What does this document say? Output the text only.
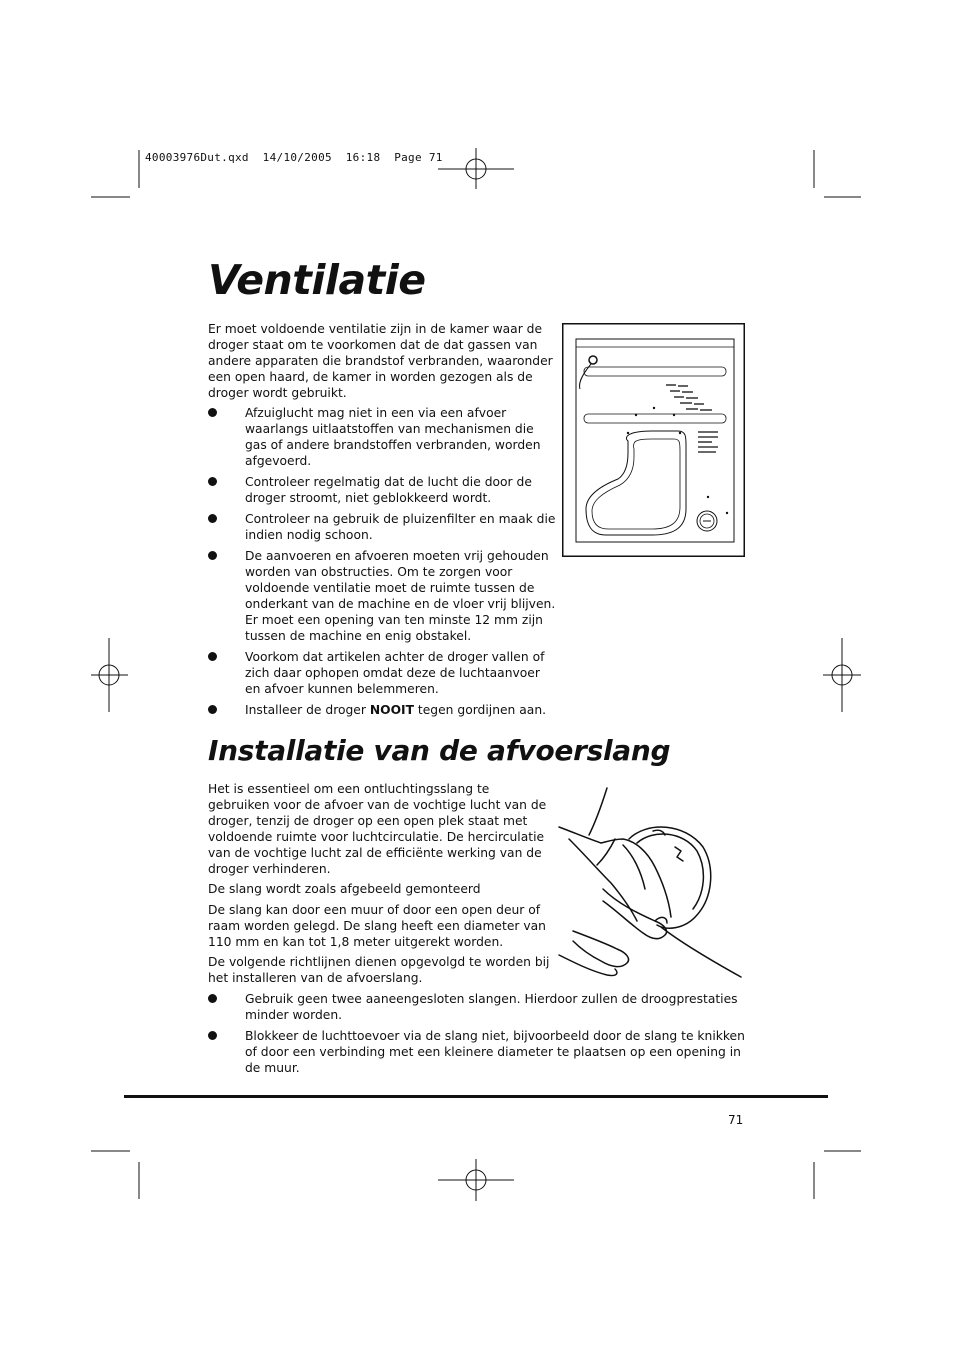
40003976Dut.qxd  14/10/2005  16:18  Page 71
Ventilatie

Er moet voldoende ventilatie zijn in de kamer waar de droger staat om te voorkomen dat de dat gassen van andere apparaten die brandstof verbranden, waaronder een open haard, de kamer in worden gezogen als de droger wordt gebruikt.

Afzuiglucht mag niet in een via een afvoer waarlangs uitlaatstoffen van mechanismen die gas of andere brandstoffen verbranden, worden afgevoerd.
Controleer regelmatig dat de lucht die door de droger stroomt, niet geblokkeerd wordt.
Controleer na gebruik de pluizenfilter en maak die indien nodig schoon.
De aanvoeren en afvoeren moeten vrij gehouden worden van obstructies. Om te zorgen voor voldoende ventilatie moet de ruimte tussen de onderkant van de machine en de vloer vrij blijven. Er moet een opening van ten minste 12 mm zijn tussen de machine en enig obstakel.
Voorkom dat artikelen achter de droger vallen of zich daar ophopen omdat deze de luchtaanvoer en afvoer kunnen belemmeren.
Installeer de droger NOOIT tegen gordijnen aan.
Installatie van de afvoerslang

Het is essentieel om een ontluchtingsslang te gebruiken voor de afvoer van de vochtige lucht van de droger, tenzij de droger op een open plek staat met voldoende ruimte voor luchtcirculatie. De hercirculatie van de vochtige lucht zal de efficiënte werking van de droger verhinderen.

De slang wordt zoals afgebeeld gemonteerd

De slang kan door een muur of door een open deur of raam worden gelegd. De slang heeft een diameter van 110 mm en kan tot 1,8 meter uitgerekt worden.

De volgende richtlijnen dienen opgevolgd te worden bij het installeren van de afvoerslang.

Gebruik geen twee aaneengesloten slangen. Hierdoor zullen de droogprestaties minder worden.
Blokkeer de luchttoevoer via de slang niet, bijvoorbeeld door de slang te knikken of door een verbinding met een kleinere diameter te plaatsen op een opening in de muur.
71
